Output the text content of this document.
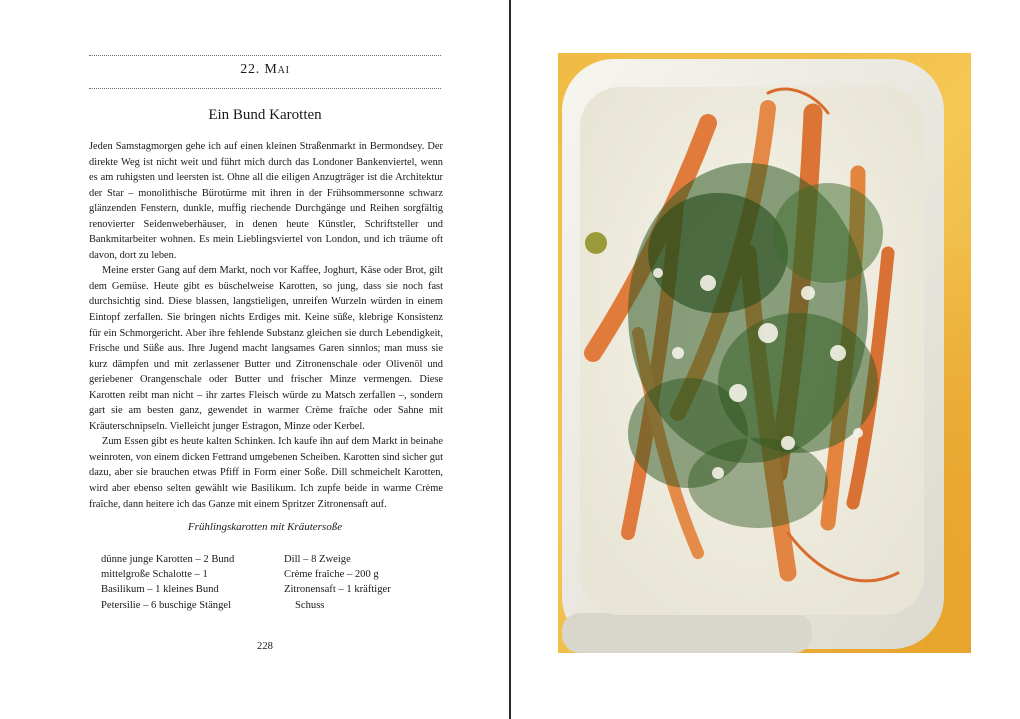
22. Mai
Ein Bund Karotten

Jeden Samstagmorgen gehe ich auf einen kleinen Straßenmarkt in Bermondsey. Der direkte Weg ist nicht weit und führt mich durch das Londoner Bankenviertel, wenn es am ruhigsten und leersten ist. Ohne all die eiligen Anzugträger ist die Architektur der Star – monolithische Bürotürme mit ihren in der Frühsommersonne schwarz glänzenden Fenstern, dunkle, muffig riechende Durchgänge und Reihen sorgfältig renovierter Seidenweberhäuser, in denen heute Künstler, Schriftsteller und Bankmitarbeiter wohnen. Es mein Lieblingsviertel von London, und ich träume oft davon, dort zu leben.

Meine erster Gang auf dem Markt, noch vor Kaffee, Joghurt, Käse oder Brot, gilt dem Gemüse. Heute gibt es büschelweise Karotten, so jung, dass sie noch fast durchsichtig sind. Diese blassen, langstieligen, unreifen Wurzeln würden in einem Eintopf zerfallen. Sie bringen nichts Erdiges mit. Keine süße, klebrige Konsistenz für ein Schmorgericht. Aber ihre fehlende Substanz gleichen sie durch Lebendigkeit, Frische und Süße aus. Ihre Jugend macht langsames Garen sinnlos; man muss sie kurz dämpfen und mit zerlassener Butter und Zitronenschale oder Olivenöl und geriebener Orangenschale oder Butter und frischer Minze vermengen. Diese Karotten reibt man nicht – ihr zartes Fleisch würde zu Matsch zerfallen –, sondern gart sie am besten ganz, gewendet in warmer Crème fraîche oder Sahne mit Kräuterschnipseln. Vielleicht junger Estragon, Minze oder Kerbel.

Zum Essen gibt es heute kalten Schinken. Ich kaufe ihn auf dem Markt in beinahe weinroten, von einem dicken Fettrand umgebenen Scheiben. Karotten sind sicher gut dazu, aber sie brauchen etwas Pfiff in Form einer Soße. Dill schmeichelt Karotten, wird aber ebenso selten gewählt wie Basilikum. Ich zupfe beide in warme Crème fraîche, dann heitere ich das Ganze mit einem Spritzer Zitronensaft auf.

Frühlingskarotten mit Kräutersoße
dünne junge Karotten – 2 Bund
mittelgroße Schalotte – 1
Basilikum – 1 kleines Bund
Petersilie – 6 buschige Stängel
Dill – 8 Zweige
Crème fraîche – 200 g
Zitronensaft – 1 kräftiger
Schuss
228
